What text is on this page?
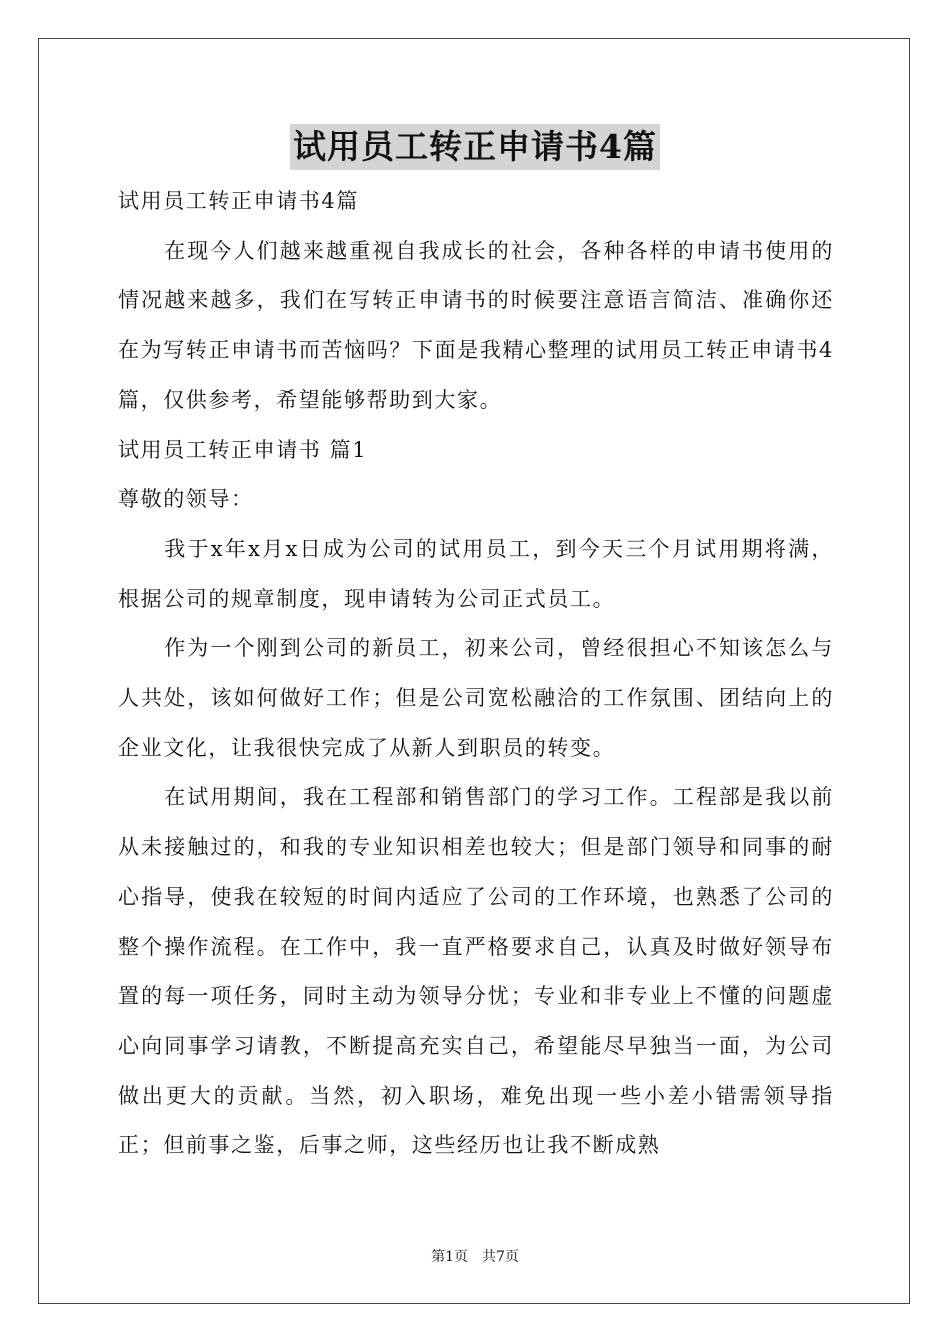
试用员工转正申请书4篇

试用员工转正申请书4篇

在现今人们越来越重视自我成长的社会，各种各样的申请书使用的情况越来越多，我们在写转正申请书的时候要注意语言简洁、准确你还在为写转正申请书而苦恼吗？下面是我精心整理的试用员工转正申请书4篇，仅供参考，希望能够帮助到大家。

试用员工转正申请书 篇1

尊敬的领导：

我于x年x月x日成为公司的试用员工，到今天三个月试用期将满，根据公司的规章制度，现申请转为公司正式员工。

作为一个刚到公司的新员工，初来公司，曾经很担心不知该怎么与人共处，该如何做好工作；但是公司宽松融洽的工作氛围、团结向上的企业文化，让我很快完成了从新人到职员的转变。

在试用期间，我在工程部和销售部门的学习工作。工程部是我以前从未接触过的，和我的专业知识相差也较大；但是部门领导和同事的耐心指导，使我在较短的时间内适应了公司的工作环境，也熟悉了公司的整个操作流程。在工作中，我一直严格要求自己，认真及时做好领导布置的每一项任务，同时主动为领导分忧；专业和非专业上不懂的问题虚心向同事学习请教，不断提高充实自己，希望能尽早独当一面，为公司做出更大的贡献。当然，初入职场，难免出现一些小差小错需领导指正；但前事之鉴，后事之师，这些经历也让我不断成熟

第1页 共7页
